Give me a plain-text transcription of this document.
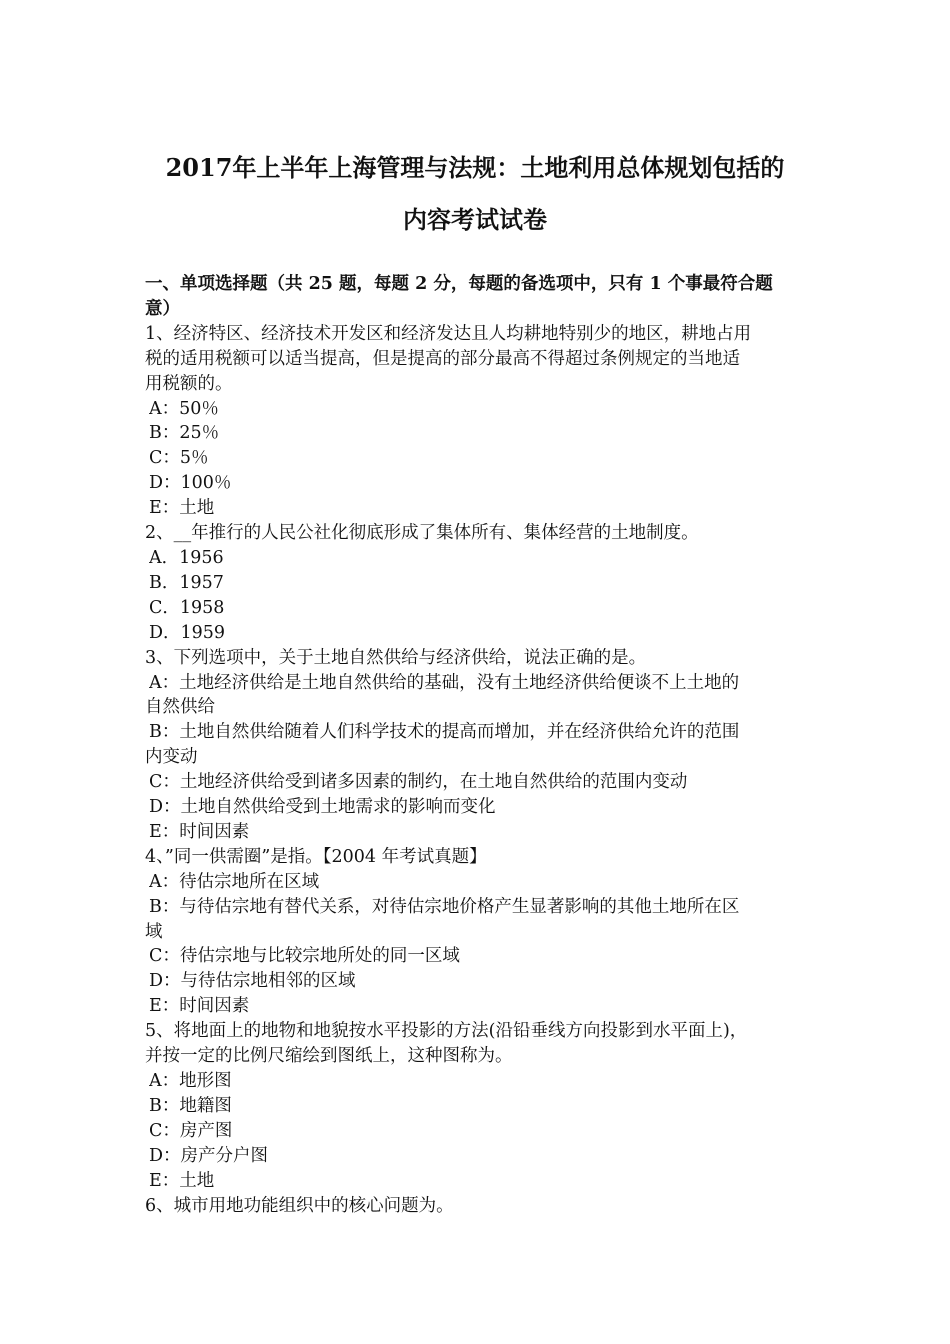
2017年上半年上海管理与法规：土地利用总体规划包括的
内容考试试卷
一、单项选择题（共 25 题，每题 2 分，每题的备选项中，只有 1 个事最符合题
意）
1、经济特区、经济技术开发区和经济发达且人均耕地特别少的地区，耕地占用
税的适用税额可以适当提高，但是提高的部分最高不得超过条例规定的当地适
用税额的。
A：50％
B：25％
C：5％
D：100％
E：土地
2、__年推行的人民公社化彻底形成了集体所有、集体经营的土地制度。
A．1956
B．1957
C．1958
D．1959
3、下列选项中，关于土地自然供给与经济供给，说法正确的是。
A：土地经济供给是土地自然供给的基础，没有土地经济供给便谈不上土地的
自然供给
B：土地自然供给随着人们科学技术的提高而增加，并在经济供给允许的范围
内变动
C：土地经济供给受到诸多因素的制约，在土地自然供给的范围内变动
D：土地自然供给受到土地需求的影响而变化
E：时间因素
4、”同一供需圈”是指。【2004 年考试真题】
A：待估宗地所在区域
B：与待估宗地有替代关系，对待估宗地价格产生显著影响的其他土地所在区
域
C：待估宗地与比较宗地所处的同一区域
D：与待估宗地相邻的区域
E：时间因素
5、将地面上的地物和地貌按水平投影的方法(沿铅垂线方向投影到水平面上)，
并按一定的比例尺缩绘到图纸上，这种图称为。
A：地形图
B：地籍图
C：房产图
D：房产分户图
E：土地
6、城市用地功能组织中的核心问题为。
